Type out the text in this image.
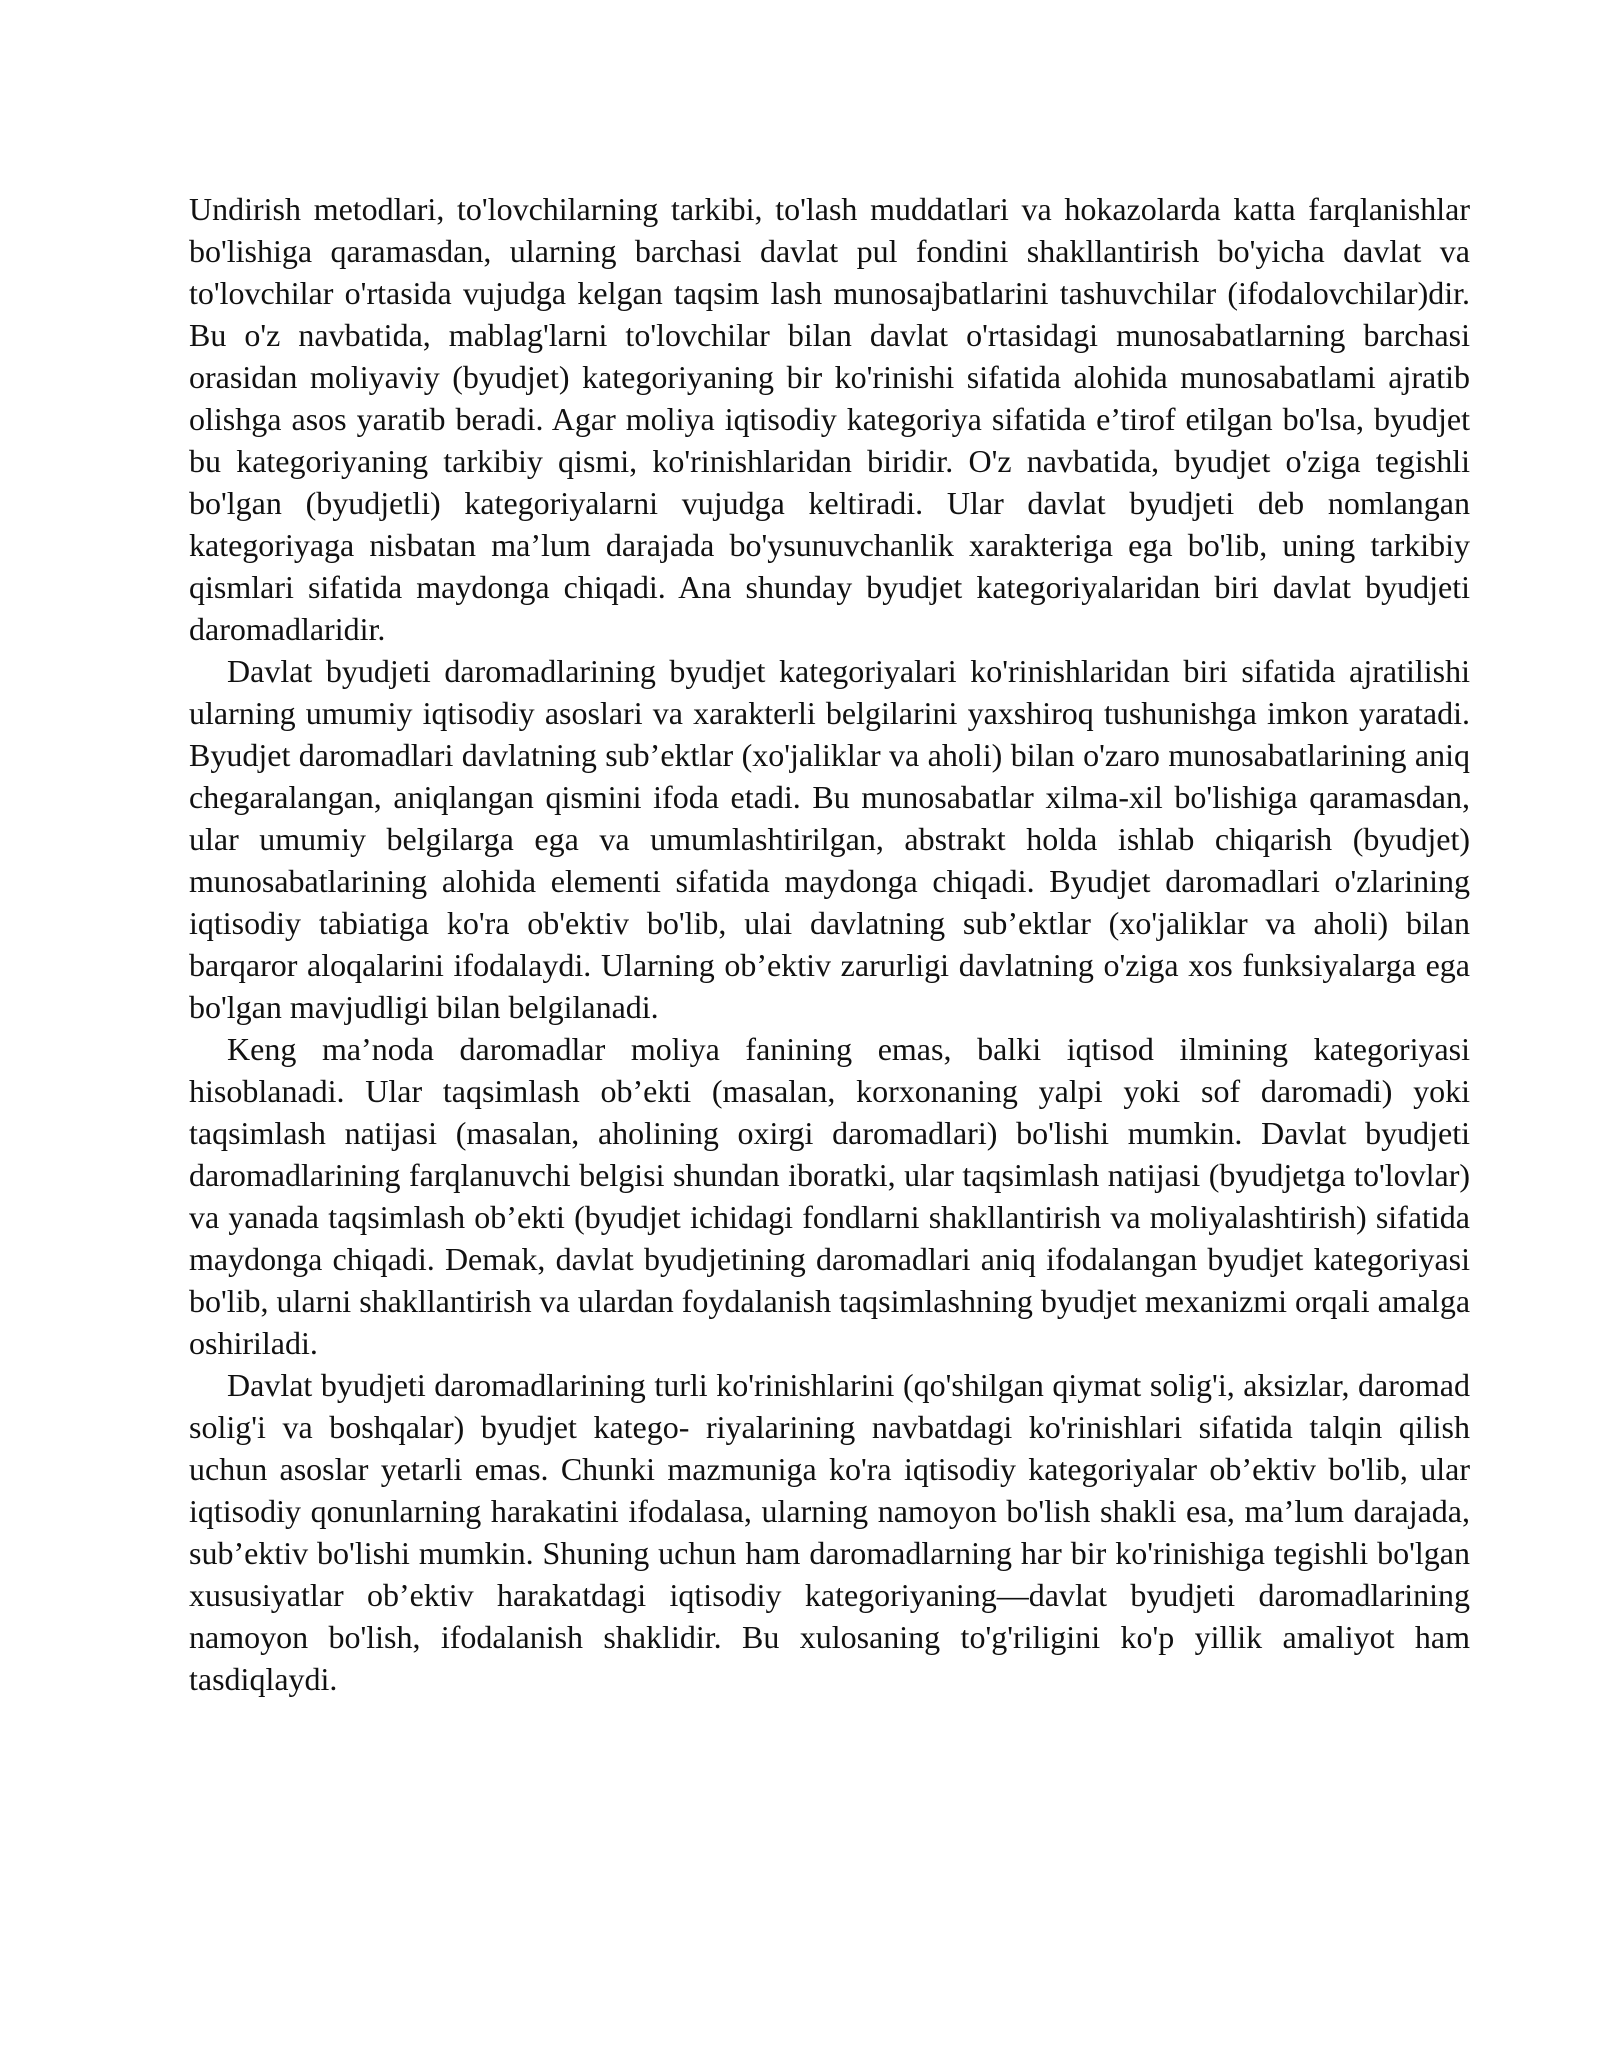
Undirish metodlari, to'lovchilarning tarkibi, to'lash muddatlari va hokazolarda katta farqlanishlar bo'lishiga qaramasdan, ularning barchasi davlat pul fondini shakllantirish bo'yicha davlat va to'lovchilar o'rtasida vujudga kelgan taqsim lash munosajbatlarini tashuvchilar (ifodalovchilar)dir. Bu o'z navbatida, mablag'larni to'lovchilar bilan davlat o'rtasidagi munosabatlarning barchasi orasidan moliyaviy (byudjet) kategoriyaning bir ko'rinishi sifatida alohida munosabatlami ajratib olishga asos yaratib beradi. Agar moliya iqtisodiy kategoriya sifatida e’tirof etilgan bo'lsa, byudjet bu kategoriyaning tarkibiy qismi, ko'rinishlaridan biridir. O'z navbatida, byudjet o'ziga tegishli bo'lgan (byudjetli) kategoriyalarni vujudga keltiradi. Ular davlat byudjeti deb nomlangan kategoriyaga nisbatan ma’lum darajada bo'ysunuvchanlik xarakteriga ega bo'lib, uning tarkibiy qismlari sifatida maydonga chiqadi. Ana shunday byudjet kategoriyalaridan biri davlat byudjeti daromadlaridir.

Davlat byudjeti daromadlarining byudjet kategoriyalari ko'rinishlaridan biri sifatida ajratilishi ularning umumiy iqtisodiy asoslari va xarakterli belgilarini yaxshiroq tushunishga imkon yaratadi. Byudjet daromadlari davlatning sub’ektlar (xo'jaliklar va aholi) bilan o'zaro munosabatlarining aniq chegaralangan, aniqlangan qismini ifoda etadi. Bu munosabatlar xilma-xil bo'lishiga qaramasdan, ular umumiy belgilarga ega va umumlashtirilgan, abstrakt holda ishlab chiqarish (byudjet) munosabatlarining alohida elementi sifatida maydonga chiqadi. Byudjet daromadlari o'zlarining iqtisodiy tabiatiga ko'ra ob'ektiv bo'lib, ulai davlatning sub’ektlar (xo'jaliklar va aholi) bilan barqaror aloqalarini ifodalaydi. Ularning ob’ektiv zarurligi davlatning o'ziga xos funksiyalarga ega bo'lgan mavjudligi bilan belgilanadi.

Keng ma’noda daromadlar moliya fanining emas, balki iqtisod ilmining kategoriyasi hisoblanadi. Ular taqsimlash ob’ekti (masalan, korxonaning yalpi yoki sof daromadi) yoki taqsimlash natijasi (masalan, aholining oxirgi daromadlari) bo'lishi mumkin. Davlat byudjeti daromadlarining farqlanuvchi belgisi shundan iboratki, ular taqsimlash natijasi (byudjetga to'lovlar) va yanada taqsimlash ob’ekti (byudjet ichidagi fondlarni shakllantirish va moliyalashtirish) sifatida maydonga chiqadi. Demak, davlat byudjetining daromadlari aniq ifodalangan byudjet kategoriyasi bo'lib, ularni shakllantirish va ulardan foydalanish taqsimlashning byudjet mexanizmi orqali amalga oshiriladi.

Davlat byudjeti daromadlarining turli ko'rinishlarini (qo'shilgan qiymat solig'i, aksizlar, daromad solig'i va boshqalar) byudjet katego- riyalarining navbatdagi ko'rinishlari sifatida talqin qilish uchun asoslar yetarli emas. Chunki mazmuniga ko'ra iqtisodiy kategoriyalar ob’ektiv bo'lib, ular iqtisodiy qonunlarning harakatini ifodalasa, ularning namoyon bo'lish shakli esa, ma’lum darajada, sub’ektiv bo'lishi mumkin. Shuning uchun ham daromadlarning har bir ko'rinishiga tegishli bo'lgan xususiyatlar ob’ektiv harakatdagi iqtisodiy kategoriyaning—davlat byudjeti daromadlarining namoyon bo'lish, ifodalanish shaklidir. Bu xulosaning to'g'riligini ko'p yillik amaliyot ham tasdiqlaydi.
